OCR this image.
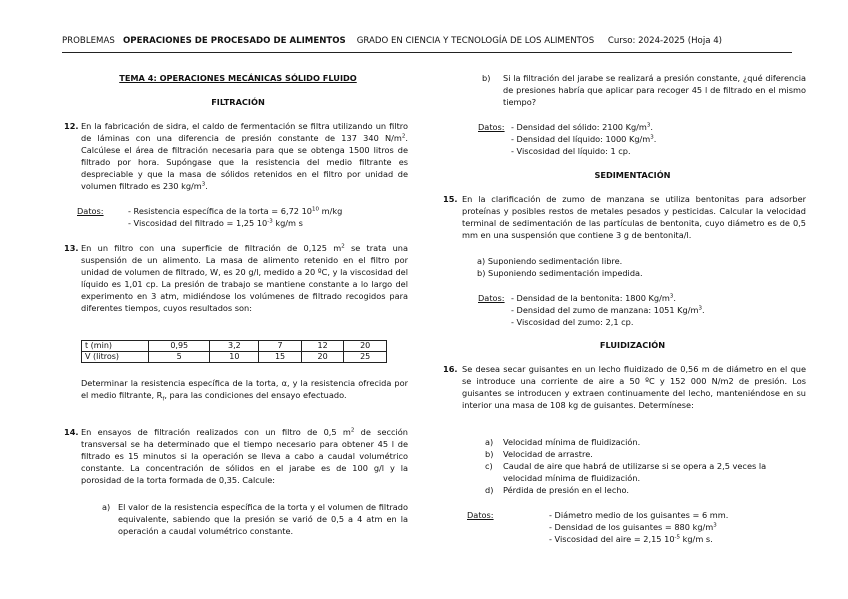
PROBLEMAS OPERACIONES DE PROCESADO DE ALIMENTOS GRADO EN CIENCIA Y TECNOLOGÍA DE LOS ALIMENTOS Curso: 2024-2025 (Hoja 4)
TEMA 4: OPERACIONES MECÁNICAS SÓLIDO FLUIDO
FILTRACIÓN
12. En la fabricación de sidra, el caldo de fermentación se filtra utilizando un filtro de láminas con una diferencia de presión constante de 137 340 $N/m^2$. Calcúlese el área de filtración necesaria para que se obtenga 1500 litros de filtrado por hora. Supóngase que la resistencia del medio filtrante es despreciable y que la masa de sólidos retenidos en el filtro por unidad de volumen filtrado es 230 $kg/m^3$.
Datos:	- Resistencia específica de la torta = 6,72 $10^{10}$ m/kg
- Viscosidad del filtrado = 1,25 $10^{-3}$ kg/m s
13. En un filtro con una superficie de filtración de 0,125 $m^2$ se trata una suspensión de un alimento. La masa de alimento retenido en el filtro por unidad de volumen de filtrado, W, es 20 g/l, medido a 20 ºC, y la viscosidad del líquido es 1,01 cp. La presión de trabajo se mantiene constante a lo largo del experimento en 3 atm, midiéndose los volúmenes de filtrado recogidos para diferentes tiempos, cuyos resultados son:
t (min)	0,95	3,2	7	12	20
V (litros)	5	10	15	20	25
Determinar la resistencia específica de la torta, α, y la resistencia ofrecida por el medio filtrante, $R_f$, para las condiciones del ensayo efectuado.
14. En ensayos de filtración realizados con un filtro de 0,5 $m^2$ de sección transversal se ha determinado que el tiempo necesario para obtener 45 l de filtrado es 15 minutos si la operación se lleva a cabo a caudal volumétrico constante. La concentración de sólidos en el jarabe es de 100 g/l y la porosidad de la torta formada de 0,35. Calcule:
a) El valor de la resistencia específica de la torta y el volumen de filtrado equivalente, sabiendo que la presión se varió de 0,5 a 4 atm en la operación a caudal volumétrico constante.
b) Si la filtración del jarabe se realizará a presión constante, ¿qué diferencia de presiones habría que aplicar para recoger 45 l de filtrado en el mismo tiempo?
Datos: - Densidad del sólido: 2100 $Kg/m^3$.
- Densidad del líquido: 1000 $Kg/m^3$.
- Viscosidad del líquido: 1 cp.
SEDIMENTACIÓN
15. En la clarificación de zumo de manzana se utiliza bentonitas para adsorber proteínas y posibles restos de metales pesados y pesticidas. Calcular la velocidad terminal de sedimentación de las partículas de bentonita, cuyo diámetro es de 0,5 mm en una suspensión que contiene 3 g de bentonita/l.
a) Suponiendo sedimentación libre.
b) Suponiendo sedimentación impedida.
Datos: - Densidad de la bentonita: 1800 $Kg/m^3$.
- Densidad del zumo de manzana: 1051 $Kg/m^3$.
- Viscosidad del zumo: 2,1 cp.
FLUIDIZACIÓN
16. Se desea secar guisantes en un lecho fluidizado de 0,56 m de diámetro en el que se introduce una corriente de aire a 50 ºC y 152 000 N/m2 de presión. Los guisantes se introducen y extraen continuamente del lecho, manteniéndose en su interior una masa de 108 kg de guisantes. Determínese:
a)	Velocidad mínima de fluidización.
b)	Velocidad de arrastre.
c)	Caudal de aire que habrá de utilizarse si se opera a 2,5 veces la velocidad mínima de fluidización.
d)	Pérdida de presión en el lecho.
Datos:	- Diámetro medio de los guisantes = 6 mm.
- Densidad de los guisantes = 880 $kg/m^3$
- Viscosidad del aire = 2,15 $10^{-5}$ kg/m s.
